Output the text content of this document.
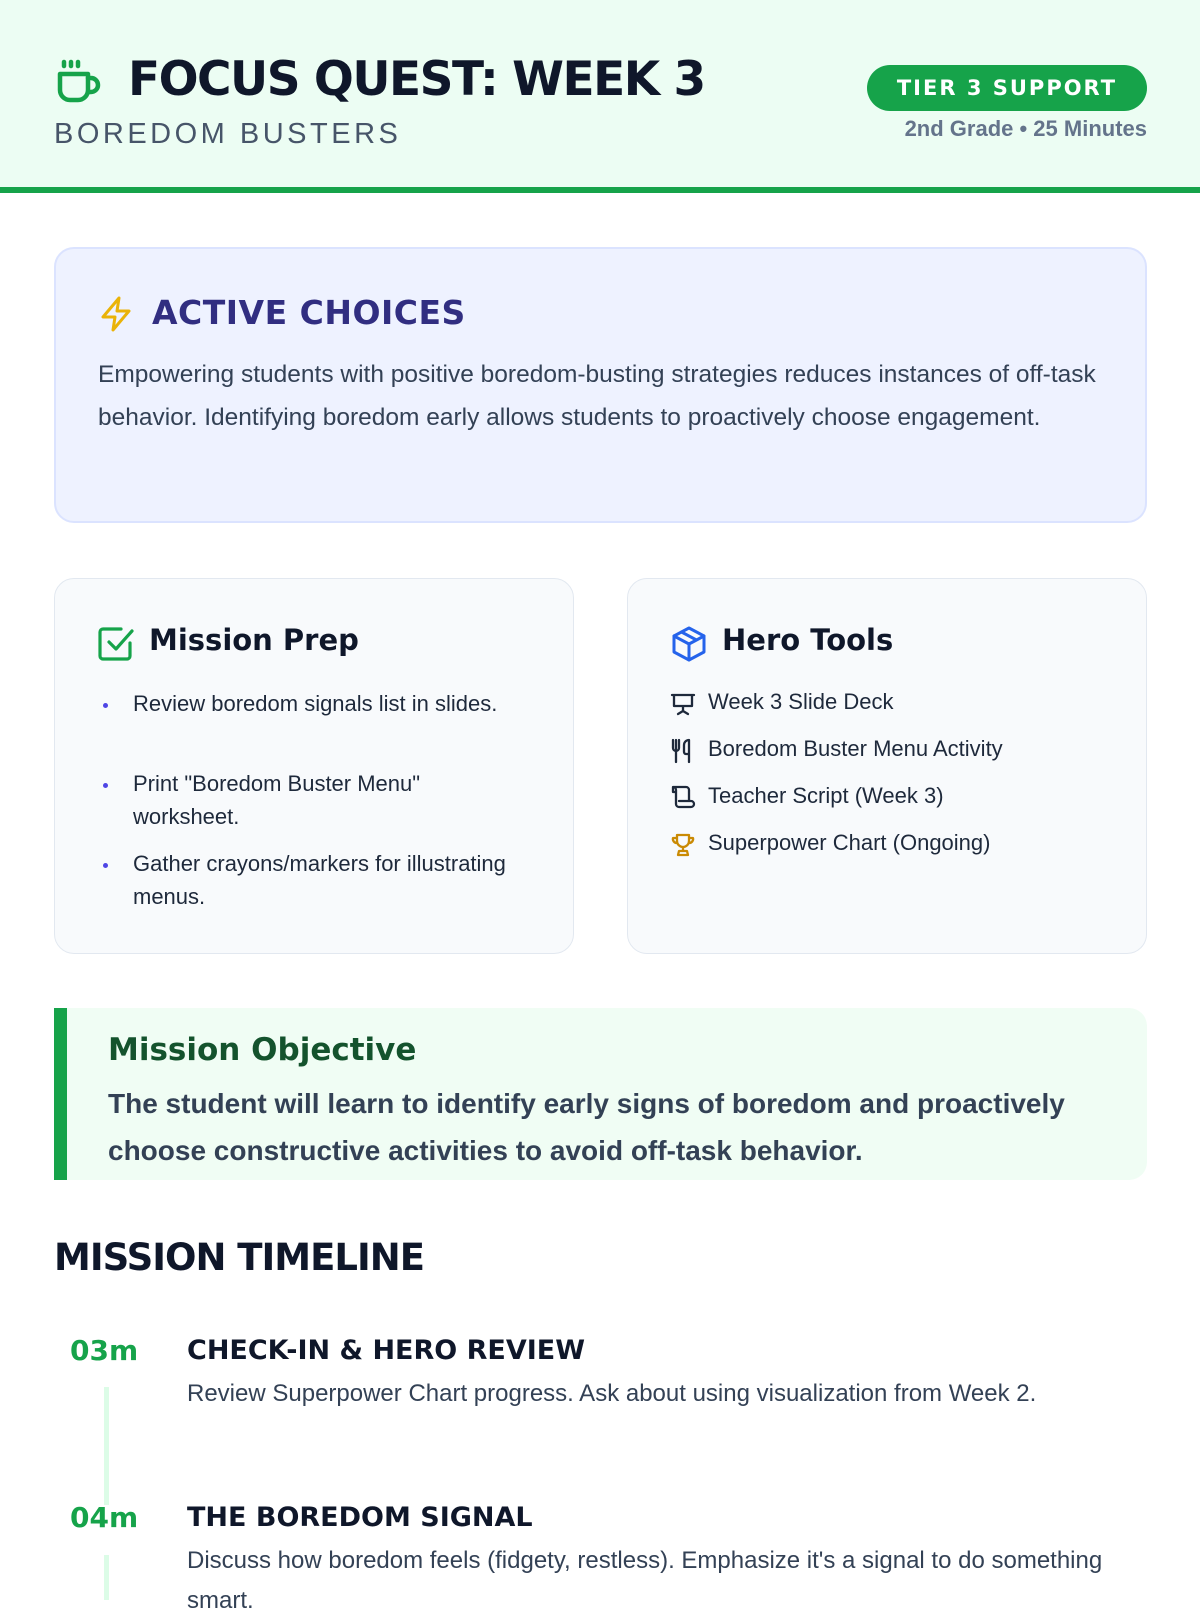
FOCUS QUEST: WEEK 3
BOREDOM BUSTERS
TIER 3 SUPPORT
2nd Grade • 25 Minutes
ACTIVE CHOICES
Empowering students with positive boredom-busting strategies reduces instances of off-task behavior. Identifying boredom early allows students to proactively choose engagement.
Mission Prep
Review boredom signals list in slides.
Print "Boredom Buster Menu" worksheet.
Gather crayons/markers for illustrating menus.
Hero Tools
Week 3 Slide Deck
Boredom Buster Menu Activity
Teacher Script (Week 3)
Superpower Chart (Ongoing)
Mission Objective
The student will learn to identify early signs of boredom and proactively choose constructive activities to avoid off-task behavior.
MISSION TIMELINE
03m	CHECK-IN & HERO REVIEW
Review Superpower Chart progress. Ask about using visualization from Week 2.
04m	THE BOREDOM SIGNAL
Discuss how boredom feels (fidgety, restless). Emphasize it's a signal to do something smart.
